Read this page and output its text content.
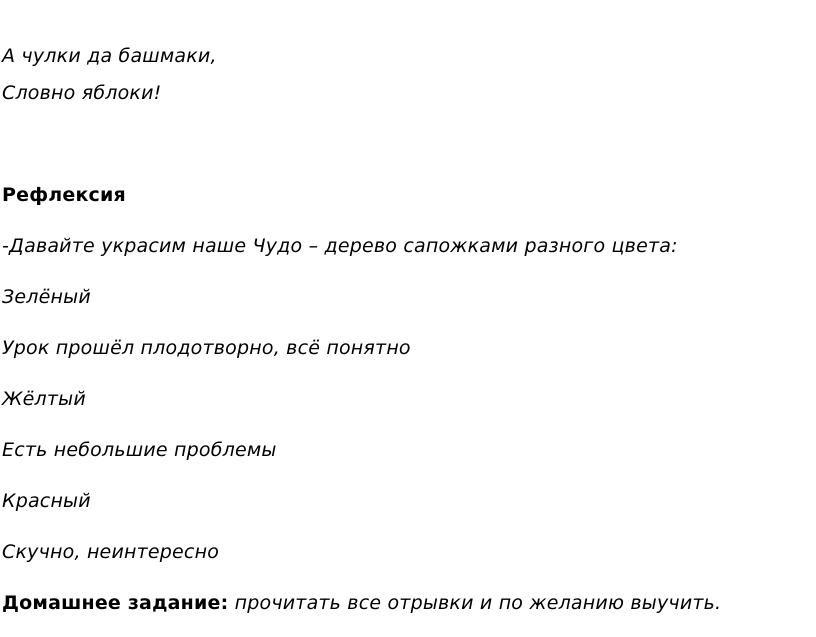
А чулки да башмаки,
Словно яблоки!
Рефлексия
-Давайте украсим наше Чудо – дерево сапожками разного цвета:
Зелёный
Урок прошёл плодотворно, всё понятно
Жёлтый
Есть небольшие проблемы
Красный
Скучно, неинтересно
Домашнее задание: прочитать все отрывки и по желанию выучить.
